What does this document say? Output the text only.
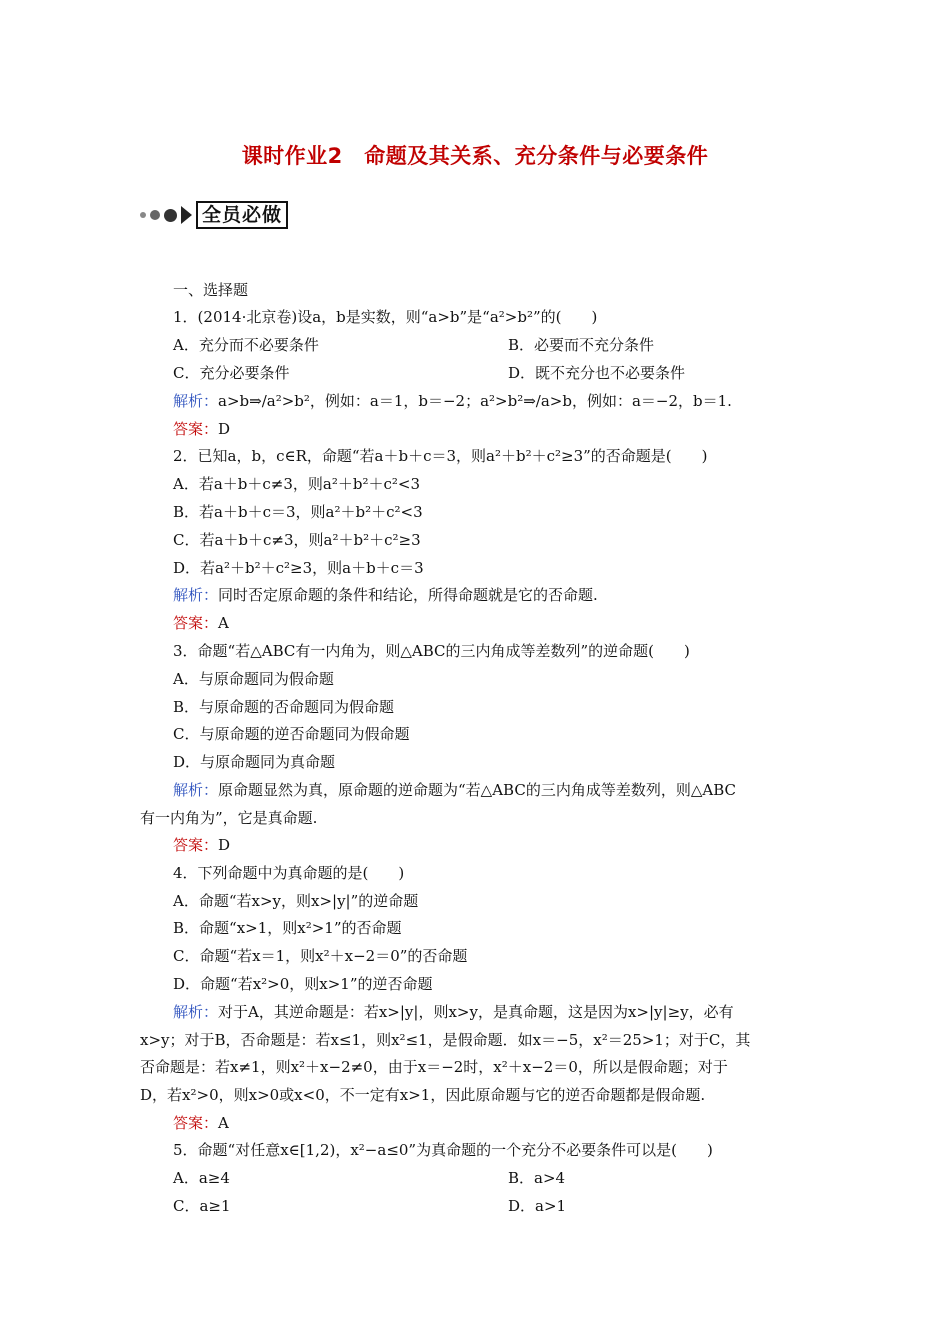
课时作业2　命题及其关系、充分条件与必要条件
全员必做
一、选择题
1．(2014·北京卷)设a，b是实数，则“a>b”是“a²>b²”的(　　)
A．充分而不必要条件	B．必要而不充分条件
C．充分必要条件	D．既不充分也不必要条件
解析：a>b⇒/a²>b²，例如：a＝1，b＝−2；a²>b²⇒/a>b，例如：a＝−2，b＝1.
答案：D
2．已知a，b，c∈R，命题“若a＋b＋c＝3，则a²＋b²＋c²≥3”的否命题是(　　)
A．若a＋b＋c≠3，则a²＋b²＋c²<3
B．若a＋b＋c＝3，则a²＋b²＋c²<3
C．若a＋b＋c≠3，则a²＋b²＋c²≥3
D．若a²＋b²＋c²≥3，则a＋b＋c＝3
解析：同时否定原命题的条件和结论，所得命题就是它的否命题.
答案：A
3．命题“若△ABC有一内角为，则△ABC的三内角成等差数列”的逆命题(　　)
A．与原命题同为假命题
B．与原命题的否命题同为假命题
C．与原命题的逆否命题同为假命题
D．与原命题同为真命题
解析：原命题显然为真，原命题的逆命题为“若△ABC的三内角成等差数列，则△ABC
有一内角为”，它是真命题.
答案：D
4．下列命题中为真命题的是(　　)
A．命题“若x>y，则x>|y|”的逆命题
B．命题“x>1，则x²>1”的否命题
C．命题“若x＝1，则x²＋x−2＝0”的否命题
D．命题“若x²>0，则x>1”的逆否命题
解析：对于A，其逆命题是：若x>|y|，则x>y，是真命题，这是因为x>|y|≥y，必有
x>y；对于B，否命题是：若x≤1，则x²≤1，是假命题．如x＝−5，x²＝25>1；对于C，其
否命题是：若x≠1，则x²＋x−2≠0，由于x＝−2时，x²＋x−2＝0，所以是假命题；对于
D，若x²>0，则x>0或x<0，不一定有x>1，因此原命题与它的逆否命题都是假命题.
答案：A
5．命题“对任意x∈[1,2)，x²−a≤0”为真命题的一个充分不必要条件可以是(　　)
A．a≥4	B．a>4
C．a≥1	D．a>1
